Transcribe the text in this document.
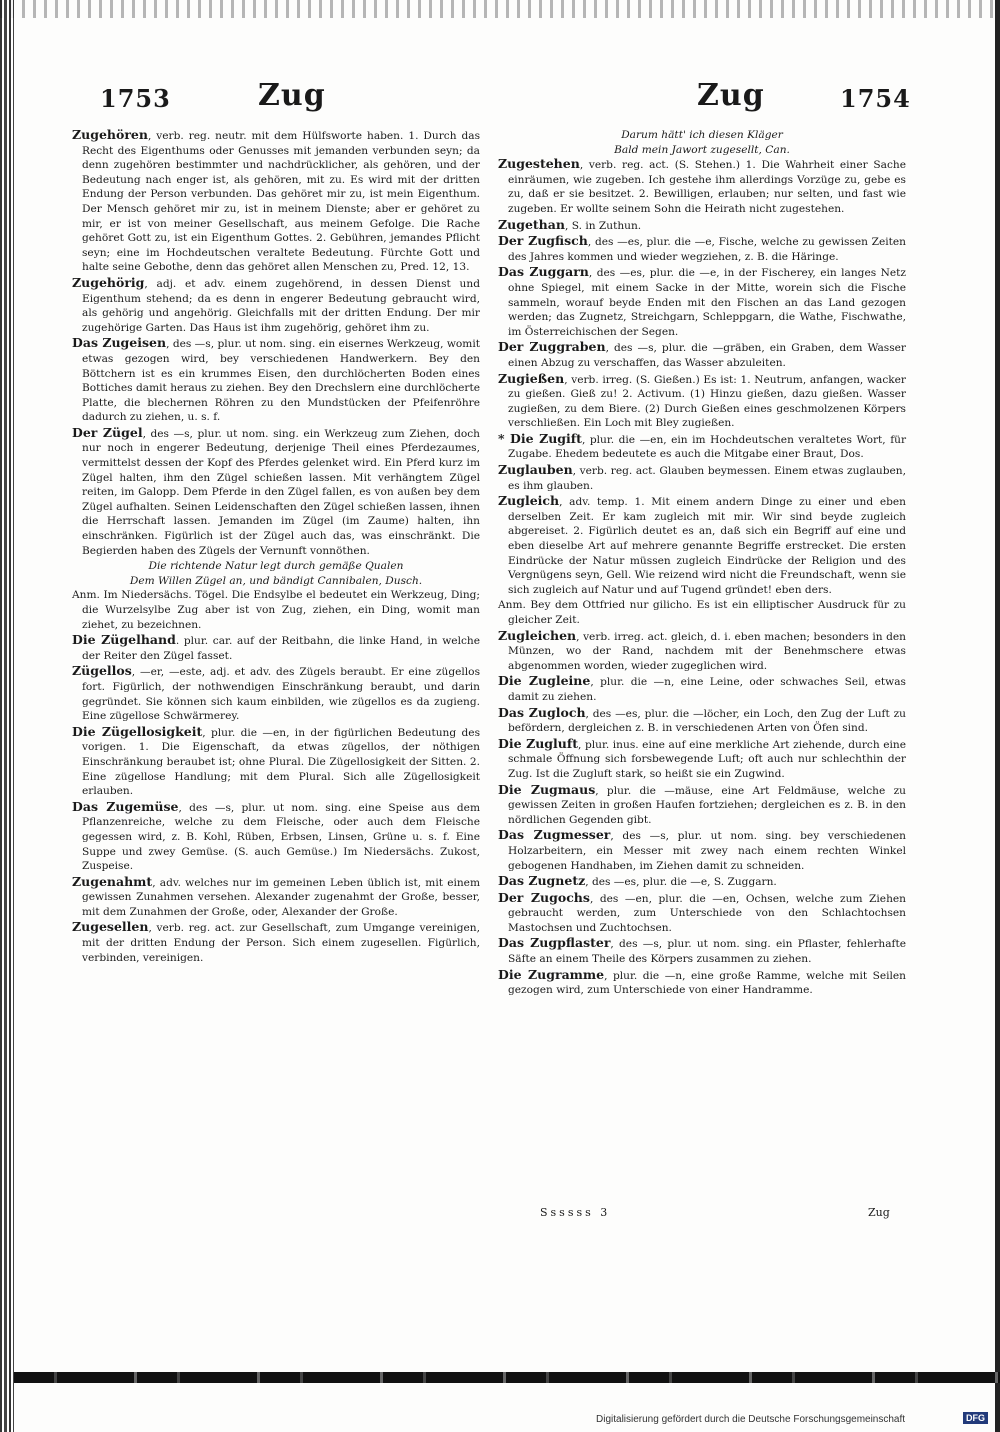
1753	Zug	Zug	1754

Zugehören, verb. reg. neutr. mit dem Hülfsworte haben. 1. Durch das Recht des Eigenthums oder Genusses mit jemanden verbunden seyn; da denn zugehören bestimmter und nachdrücklicher, als gehören, und der Bedeutung nach enger ist, als gehören, mit zu. Es wird mit der dritten Endung der Person verbunden. Das gehöret mir zu, ist mein Eigenthum. Der Mensch gehöret mir zu, ist in meinem Dienste; aber er gehöret zu mir, er ist von meiner Gesellschaft, aus meinem Gefolge. Die Rache gehöret Gott zu, ist ein Eigenthum Gottes. 2. Gebühren, jemandes Pflicht seyn; eine im Hochdeutschen veraltete Bedeutung. Fürchte Gott und halte seine Gebothe, denn das gehöret allen Menschen zu, Pred. 12, 13.

Zugehörig, adj. et adv. einem zugehörend, in dessen Dienst und Eigenthum stehend; da es denn in engerer Bedeutung gebraucht wird, als gehörig und angehörig. Gleichfalls mit der dritten Endung. Der mir zugehörige Garten. Das Haus ist ihm zugehörig, gehöret ihm zu.

Das Zugeisen, des —s, plur. ut nom. sing. ein eisernes Werkzeug, womit etwas gezogen wird, bey verschiedenen Handwerkern. Bey den Böttchern ist es ein krummes Eisen, den durchlöcherten Boden eines Bottiches damit heraus zu ziehen. Bey den Drechslern eine durchlöcherte Platte, die blechernen Röhren zu den Mundstücken der Pfeifenröhre dadurch zu ziehen, u. s. f.

Der Zügel, des —s, plur. ut nom. sing. ein Werkzeug zum Ziehen, doch nur noch in engerer Bedeutung, derjenige Theil eines Pferdezaumes, vermittelst dessen der Kopf des Pferdes gelenket wird. Ein Pferd kurz im Zügel halten, ihm den Zügel schießen lassen. Mit verhängtem Zügel reiten, im Galopp. Dem Pferde in den Zügel fallen, es von außen bey dem Zügel aufhalten. Seinen Leidenschaften den Zügel schießen lassen, ihnen die Herrschaft lassen. Jemanden im Zügel (im Zaume) halten, ihn einschränken. Figürlich ist der Zügel auch das, was einschränkt. Die Begierden haben des Zügels der Vernunft vonnöthen.

Die richtende Natur legt durch gemäße Qualen

Dem Willen Zügel an, und bändigt Cannibalen, Dusch.

Anm. Im Niedersächs. Tögel. Die Endsylbe el bedeutet ein Werkzeug, Ding; die Wurzelsylbe Zug aber ist von Zug, ziehen, ein Ding, womit man ziehet, zu bezeichnen.

Die Zügelhand. plur. car. auf der Reitbahn, die linke Hand, in welche der Reiter den Zügel fasset.

Zügellos, —er, —este, adj. et adv. des Zügels beraubt. Er eine zügellos fort. Figürlich, der nothwendigen Einschränkung beraubt, und darin gegründet. Sie können sich kaum einbilden, wie zügellos es da zugieng. Eine zügellose Schwärmerey.

Die Zügellosigkeit, plur. die —en, in der figürlichen Bedeutung des vorigen. 1. Die Eigenschaft, da etwas zügellos, der nöthigen Einschränkung beraubet ist; ohne Plural. Die Zügellosigkeit der Sitten. 2. Eine zügellose Handlung; mit dem Plural. Sich alle Zügellosigkeit erlauben.

Das Zugemüse, des —s, plur. ut nom. sing. eine Speise aus dem Pflanzenreiche, welche zu dem Fleische, oder auch dem Fleische gegessen wird, z. B. Kohl, Rüben, Erbsen, Linsen, Grüne u. s. f. Eine Suppe und zwey Gemüse. (S. auch Gemüse.) Im Niedersächs. Zukost, Zuspeise.

Zugenahmt, adv. welches nur im gemeinen Leben üblich ist, mit einem gewissen Zunahmen versehen. Alexander zugenahmt der Große, besser, mit dem Zunahmen der Große, oder, Alexander der Große.

Zugesellen, verb. reg. act. zur Gesellschaft, zum Umgange vereinigen, mit der dritten Endung der Person. Sich einem zugesellen. Figürlich, verbinden, vereinigen.

Darum hätt' ich diesen Kläger

Bald mein Jawort zugesellt, Can.

Zugestehen, verb. reg. act. (S. Stehen.) 1. Die Wahrheit einer Sache einräumen, wie zugeben. Ich gestehe ihm allerdings Vorzüge zu, gebe es zu, daß er sie besitzet. 2. Bewilligen, erlauben; nur selten, und fast wie zugeben. Er wollte seinem Sohn die Heirath nicht zugestehen.

Zugethan, S. in Zuthun.

Der Zugfisch, des —es, plur. die —e, Fische, welche zu gewissen Zeiten des Jahres kommen und wieder wegziehen, z. B. die Häringe.

Das Zuggarn, des —es, plur. die —e, in der Fischerey, ein langes Netz ohne Spiegel, mit einem Sacke in der Mitte, worein sich die Fische sammeln, worauf beyde Enden mit den Fischen an das Land gezogen werden; das Zugnetz, Streichgarn, Schleppgarn, die Wathe, Fischwathe, im Österreichischen der Segen.

Der Zuggraben, des —s, plur. die —gräben, ein Graben, dem Wasser einen Abzug zu verschaffen, das Wasser abzuleiten.

Zugießen, verb. irreg. (S. Gießen.) Es ist: 1. Neutrum, anfangen, wacker zu gießen. Gieß zu! 2. Activum. (1) Hinzu gießen, dazu gießen. Wasser zugießen, zu dem Biere. (2) Durch Gießen eines geschmolzenen Körpers verschließen. Ein Loch mit Bley zugießen.

* Die Zugift, plur. die —en, ein im Hochdeutschen veraltetes Wort, für Zugabe. Ehedem bedeutete es auch die Mitgabe einer Braut, Dos.

Zuglauben, verb. reg. act. Glauben beymessen. Einem etwas zuglauben, es ihm glauben.

Zugleich, adv. temp. 1. Mit einem andern Dinge zu einer und eben derselben Zeit. Er kam zugleich mit mir. Wir sind beyde zugleich abgereiset. 2. Figürlich deutet es an, daß sich ein Begriff auf eine und eben dieselbe Art auf mehrere genannte Begriffe erstrecket. Die ersten Eindrücke der Natur müssen zugleich Eindrücke der Religion und des Vergnügens seyn, Gell. Wie reizend wird nicht die Freundschaft, wenn sie sich zugleich auf Natur und auf Tugend gründet! eben ders.

Anm. Bey dem Ottfried nur gilicho. Es ist ein elliptischer Ausdruck für zu gleicher Zeit.

Zugleichen, verb. irreg. act. gleich, d. i. eben machen; besonders in den Münzen, wo der Rand, nachdem mit der Benehmschere etwas abgenommen worden, wieder zugeglichen wird.

Die Zugleine, plur. die —n, eine Leine, oder schwaches Seil, etwas damit zu ziehen.

Das Zugloch, des —es, plur. die —löcher, ein Loch, den Zug der Luft zu befördern, dergleichen z. B. in verschiedenen Arten von Öfen sind.

Die Zugluft, plur. inus. eine auf eine merkliche Art ziehende, durch eine schmale Öffnung sich forsbewegende Luft; oft auch nur schlechthin der Zug. Ist die Zugluft stark, so heißt sie ein Zugwind.

Die Zugmaus, plur. die —mäuse, eine Art Feldmäuse, welche zu gewissen Zeiten in großen Haufen fortziehen; dergleichen es z. B. in den nördlichen Gegenden gibt.

Das Zugmesser, des —s, plur. ut nom. sing. bey verschiedenen Holzarbeitern, ein Messer mit zwey nach einem rechten Winkel gebogenen Handhaben, im Ziehen damit zu schneiden.

Das Zugnetz, des —es, plur. die —e, S. Zuggarn.

Der Zugochs, des —en, plur. die —en, Ochsen, welche zum Ziehen gebraucht werden, zum Unterschiede von den Schlachtochsen Mastochsen und Zuchtochsen.

Das Zugpflaster, des —s, plur. ut nom. sing. ein Pflaster, fehlerhafte Säfte an einem Theile des Körpers zusammen zu ziehen.

Die Zugramme, plur. die —n, eine große Ramme, welche mit Seilen gezogen wird, zum Unterschiede von einer Handramme.

Ssssss 3	Zug
Digitalisierung gefördert durch die Deutsche Forschungsgemeinschaft	DFG
